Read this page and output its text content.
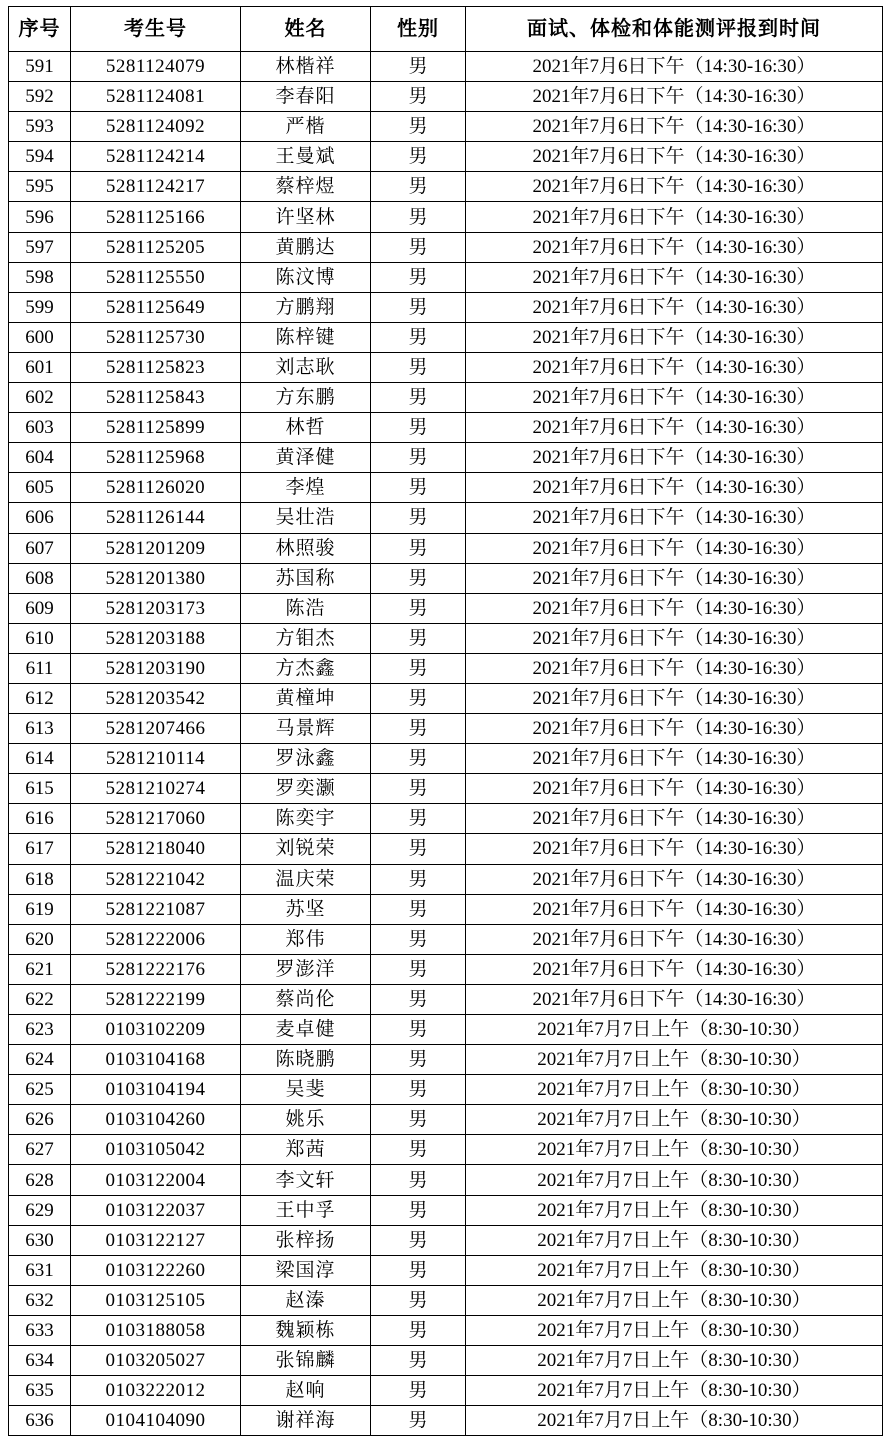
序号	考生号	姓名	性别	面试、体检和体能测评报到时间
591	5281124079	林楷祥	男	2021年7月6日下午（14:30-16:30）
592	5281124081	李春阳	男	2021年7月6日下午（14:30-16:30）
593	5281124092	严楷	男	2021年7月6日下午（14:30-16:30）
594	5281124214	王曼斌	男	2021年7月6日下午（14:30-16:30）
595	5281124217	蔡梓煜	男	2021年7月6日下午（14:30-16:30）
596	5281125166	许坚林	男	2021年7月6日下午（14:30-16:30）
597	5281125205	黄鹏达	男	2021年7月6日下午（14:30-16:30）
598	5281125550	陈汶博	男	2021年7月6日下午（14:30-16:30）
599	5281125649	方鹏翔	男	2021年7月6日下午（14:30-16:30）
600	5281125730	陈梓键	男	2021年7月6日下午（14:30-16:30）
601	5281125823	刘志耿	男	2021年7月6日下午（14:30-16:30）
602	5281125843	方东鹏	男	2021年7月6日下午（14:30-16:30）
603	5281125899	林哲	男	2021年7月6日下午（14:30-16:30）
604	5281125968	黄泽健	男	2021年7月6日下午（14:30-16:30）
605	5281126020	李煌	男	2021年7月6日下午（14:30-16:30）
606	5281126144	吴壮浩	男	2021年7月6日下午（14:30-16:30）
607	5281201209	林照骏	男	2021年7月6日下午（14:30-16:30）
608	5281201380	苏国称	男	2021年7月6日下午（14:30-16:30）
609	5281203173	陈浩	男	2021年7月6日下午（14:30-16:30）
610	5281203188	方钼杰	男	2021年7月6日下午（14:30-16:30）
611	5281203190	方杰鑫	男	2021年7月6日下午（14:30-16:30）
612	5281203542	黄橦坤	男	2021年7月6日下午（14:30-16:30）
613	5281207466	马景辉	男	2021年7月6日下午（14:30-16:30）
614	5281210114	罗泳鑫	男	2021年7月6日下午（14:30-16:30）
615	5281210274	罗奕灏	男	2021年7月6日下午（14:30-16:30）
616	5281217060	陈奕宇	男	2021年7月6日下午（14:30-16:30）
617	5281218040	刘锐荣	男	2021年7月6日下午（14:30-16:30）
618	5281221042	温庆荣	男	2021年7月6日下午（14:30-16:30）
619	5281221087	苏坚	男	2021年7月6日下午（14:30-16:30）
620	5281222006	郑伟	男	2021年7月6日下午（14:30-16:30）
621	5281222176	罗澎洋	男	2021年7月6日下午（14:30-16:30）
622	5281222199	蔡尚伦	男	2021年7月6日下午（14:30-16:30）
623	0103102209	麦卓健	男	2021年7月7日上午（8:30-10:30）
624	0103104168	陈晓鹏	男	2021年7月7日上午（8:30-10:30）
625	0103104194	吴斐	男	2021年7月7日上午（8:30-10:30）
626	0103104260	姚乐	男	2021年7月7日上午（8:30-10:30）
627	0103105042	郑茜	男	2021年7月7日上午（8:30-10:30）
628	0103122004	李文轩	男	2021年7月7日上午（8:30-10:30）
629	0103122037	王中孚	男	2021年7月7日上午（8:30-10:30）
630	0103122127	张梓扬	男	2021年7月7日上午（8:30-10:30）
631	0103122260	梁国淳	男	2021年7月7日上午（8:30-10:30）
632	0103125105	赵溱	男	2021年7月7日上午（8:30-10:30）
633	0103188058	魏颖栋	男	2021年7月7日上午（8:30-10:30）
634	0103205027	张锦麟	男	2021年7月7日上午（8:30-10:30）
635	0103222012	赵响	男	2021年7月7日上午（8:30-10:30）
636	0104104090	谢祥海	男	2021年7月7日上午（8:30-10:30）
